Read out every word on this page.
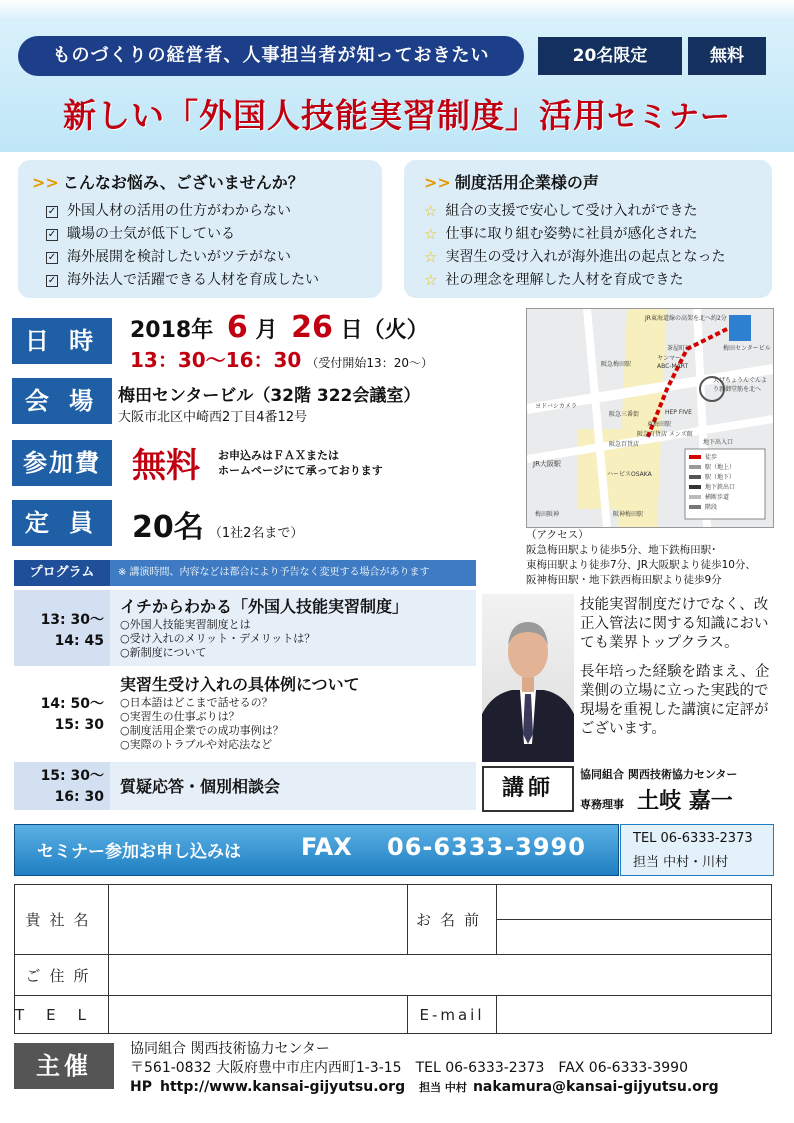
ものづくりの経営者、人事担当者が知っておきたい	20名限定	無料
新しい「外国人技能実習制度」活用セミナー
>> こんなお悩み、ございませんか？
✓ 外国人材の活用の仕方がわからない
✓ 職場の士気が低下している
✓ 海外展開を検討したいがツテがない
✓ 海外法人で活躍できる人材を育成したい
>> 制度活用企業様の声
☆ 組合の支援で安心して受け入れができた
☆ 仕事に取り組む姿勢に社員が感化された
☆ 実習生の受け入れが海外進出の起点となった
☆ 社の理念を理解した人材を育成できた
日 時	2018年 6 月 26 日（火）
13：30〜16：30 （受付開始13：20〜）
会 場	梅田センタービル（32階 322会議室）
大阪市北区中崎西2丁目4番12号
参加費 無料 お申込みはＦＡＸまたは
ホームページにて承っております
定 員	20名 （1社2名まで）
JR東海道線の高架を北へ約2分
梅田センタービル
茶屋町口
ヤンマー
ABC-MART
阪急梅田駅
ヨドバシカメラ
大げちょうんぐんより新御堂筋を北へ
HEP FIVE
阪急三番街
阪急百貨店
JR大阪駅
地下出入口
梅田阪神	阪神梅田駅
東梅田駅
阪急百貨店 メンズ館
ハービスOSAKA
徒歩
駅（地上）
駅（地下）
地下鉄出口
横断歩道
階段
（アクセス）
阪急梅田駅より徒歩5分、地下鉄梅田駅･
東梅田駅より徒歩7分、JR大阪駅より徒歩10分、
阪神梅田駅・地下鉄西梅田駅より徒歩9分
プログラム	※ 講演時間、内容などは都合により予告なく変更する場合があります
13: 30〜
14: 45
イチからわかる「外国人技能実習制度」
○外国人技能実習制度とは
○受け入れのメリット・デメリットは？
○新制度について
14: 50〜
15: 30
実習生受け入れの具体例について
○日本語はどこまで話せるの？
○実習生の仕事ぶりは？
○制度活用企業での成功事例は？
○実際のトラブルや対応法など
15: 30〜
16: 30
質疑応答・個別相談会
技能実習制度だけでなく、改正入管法に関する知識においても業界トップクラス。
長年培った経験を踏まえ、企業側の立場に立った実践的で現場を重視した講演に定評がございます。
講師
協同組合 関西技術協力センター
専務理事 土岐 嘉一
セミナー参加お申し込みは	FAX 06-6333-3990	TEL 06-6333-2373
担当 中村・川村
貴社名		お名前	

ご住所			
TEL		E-mail	
主催
協同組合 関西技術協力センター
〒561-0832 大阪府豊中市庄内西町1-3-15 TEL 06-6333-2373 FAX 06-6333-3990
HP http://www.kansai-gijyutsu.org 担当 中村 nakamura@kansai-gijyutsu.org
